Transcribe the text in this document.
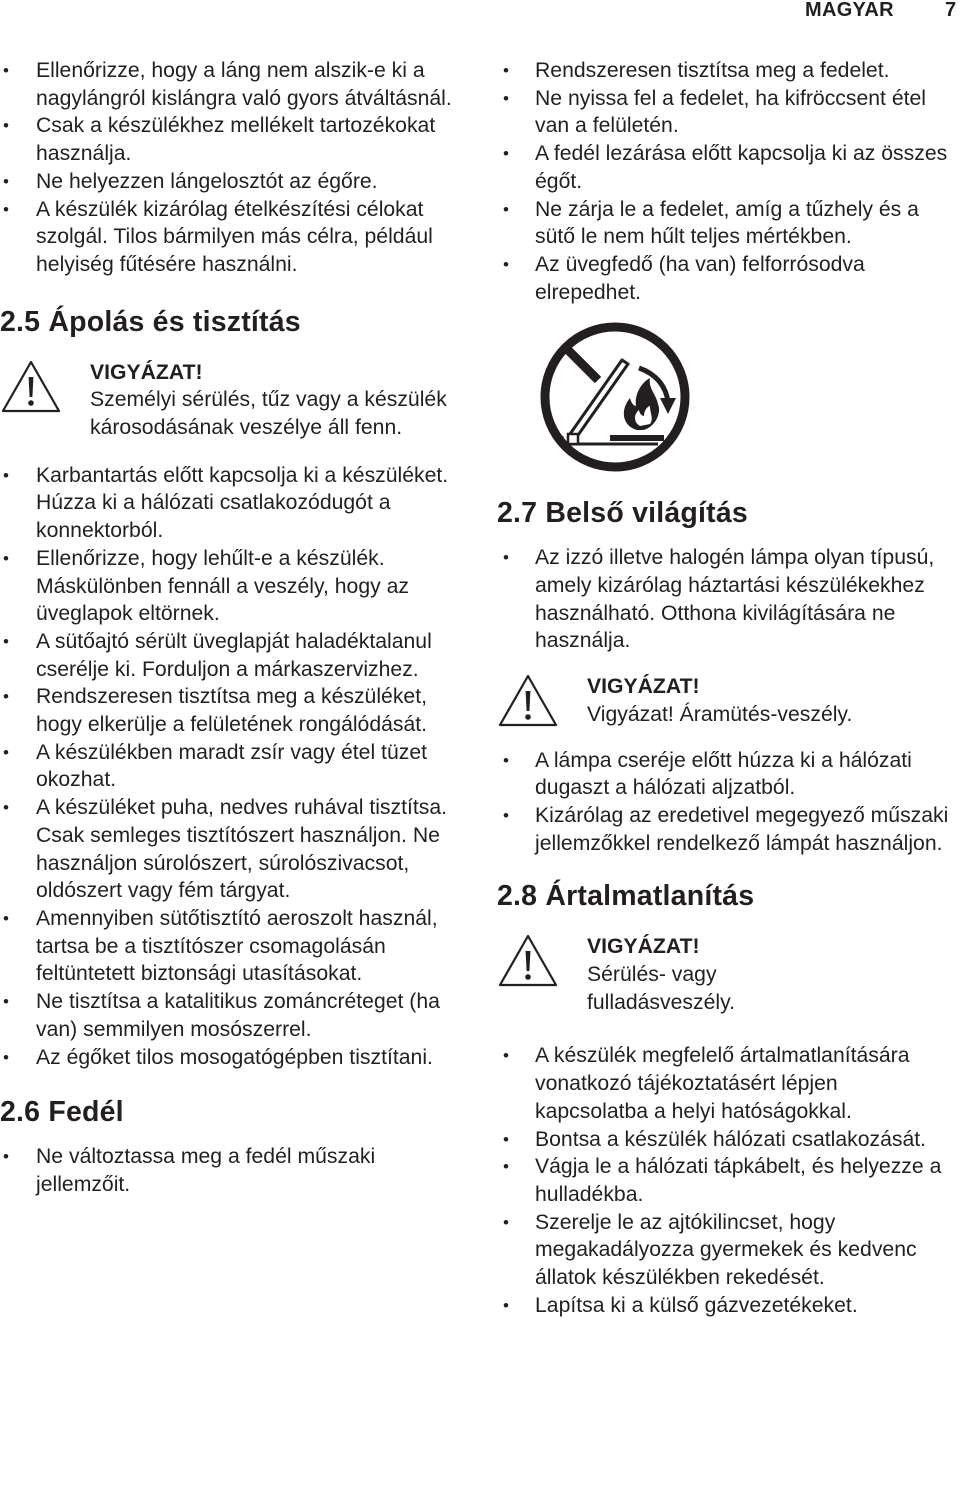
MAGYAR	7
• Ellenőrizze, hogy a láng nem alszik-e ki a nagylángról kislángra való gyors átváltásnál.
• Csak a készülékhez mellékelt tartozékokat használja.
• Ne helyezzen lángelosztót az égőre.
• A készülék kizárólag ételkészítési célokat szolgál. Tilos bármilyen más célra, például helyiség fűtésére használni.
2.5 Ápolás és tisztítás
VIGYÁZAT!
Személyi sérülés, tűz vagy a készülék károsodásának veszélye áll fenn.
• Karbantartás előtt kapcsolja ki a készüléket. Húzza ki a hálózati csatlakozódugót a konnektorból.
• Ellenőrizze, hogy lehűlt-e a készülék. Máskülönben fennáll a veszély, hogy az üveglapok eltörnek.
• A sütőajtó sérült üveglapját haladéktalanul cserélje ki. Forduljon a márkaszervizhez.
• Rendszeresen tisztítsa meg a készüléket, hogy elkerülje a felületének rongálódását.
• A készülékben maradt zsír vagy étel tüzet okozhat.
• A készüléket puha, nedves ruhával tisztítsa. Csak semleges tisztítószert használjon. Ne használjon súrolószert, súrolószivacsot, oldószert vagy fém tárgyat.
• Amennyiben sütőtisztító aeroszolt használ, tartsa be a tisztítószer csomagolásán feltüntetett biztonsági utasításokat.
• Ne tisztítsa a katalitikus zománcréteget (ha van) semmilyen mosószerrel.
• Az égőket tilos mosogatógépben tisztítani.
2.6 Fedél
• Ne változtassa meg a fedél műszaki jellemzőit.
• Rendszeresen tisztítsa meg a fedelet.
• Ne nyissa fel a fedelet, ha kifröccsent étel van a felületén.
• A fedél lezárása előtt kapcsolja ki az összes égőt.
• Ne zárja le a fedelet, amíg a tűzhely és a sütő le nem hűlt teljes mértékben.
• Az üvegfedő (ha van) felforrósodva elrepedhet.
2.7 Belső világítás
• Az izzó illetve halogén lámpa olyan típusú, amely kizárólag háztartási készülékekhez használható. Otthona kivilágítására ne használja.
VIGYÁZAT!
Vigyázat! Áramütés-veszély.
• A lámpa cseréje előtt húzza ki a hálózati dugaszt a hálózati aljzatból.
• Kizárólag az eredetivel megegyező műszaki jellemzőkkel rendelkező lámpát használjon.
2.8 Ártalmatlanítás
VIGYÁZAT!
Sérülés- vagy fulladásveszély.
• A készülék megfelelő ártalmatlanítására vonatkozó tájékoztatásért lépjen kapcsolatba a helyi hatóságokkal.
• Bontsa a készülék hálózati csatlakozását.
• Vágja le a hálózati tápkábelt, és helyezze a hulladékba.
• Szerelje le az ajtókilincset, hogy megakadályozza gyermekek és kedvenc állatok készülékben rekedését.
• Lapítsa ki a külső gázvezetékeket.
